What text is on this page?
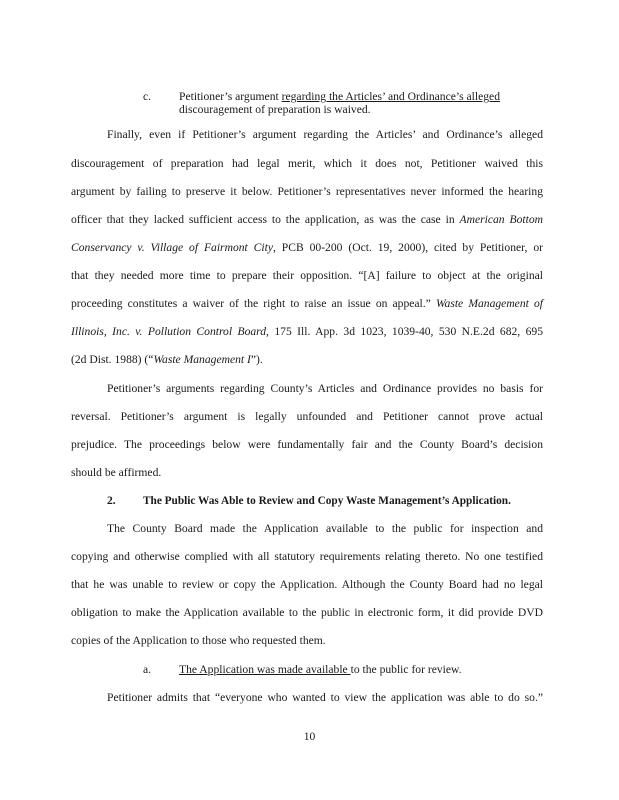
c. Petitioner’s argument regarding the Articles’ and Ordinance’s alleged
discouragement of preparation is waived.
Finally, even if Petitioner’s argument regarding the Articles’ and Ordinance’s alleged
discouragement of preparation had legal merit, which it does not, Petitioner waived this
argument by failing to preserve it below. Petitioner’s representatives never informed the hearing
officer that they lacked sufficient access to the application, as was the case in American Bottom
Conservancy v. Village of Fairmont City, PCB 00-200 (Oct. 19, 2000), cited by Petitioner, or
that they needed more time to prepare their opposition. “[A] failure to object at the original
proceeding constitutes a waiver of the right to raise an issue on appeal.” Waste Management of
Illinois, Inc. v. Pollution Control Board, 175 Ill. App. 3d 1023, 1039-40, 530 N.E.2d 682, 695
(2d Dist. 1988) (“Waste Management I”).
Petitioner’s arguments regarding County’s Articles and Ordinance provides no basis for
reversal. Petitioner’s argument is legally unfounded and Petitioner cannot prove actual
prejudice. The proceedings below were fundamentally fair and the County Board’s decision
should be affirmed.
2. The Public Was Able to Review and Copy Waste Management’s Application.
The County Board made the Application available to the public for inspection and
copying and otherwise complied with all statutory requirements relating thereto. No one testified
that he was unable to review or copy the Application. Although the County Board had no legal
obligation to make the Application available to the public in electronic form, it did provide DVD
copies of the Application to those who requested them.
a. The Application was made available to the public for review.
Petitioner admits that “everyone who wanted to view the application was able to do so.”
10
